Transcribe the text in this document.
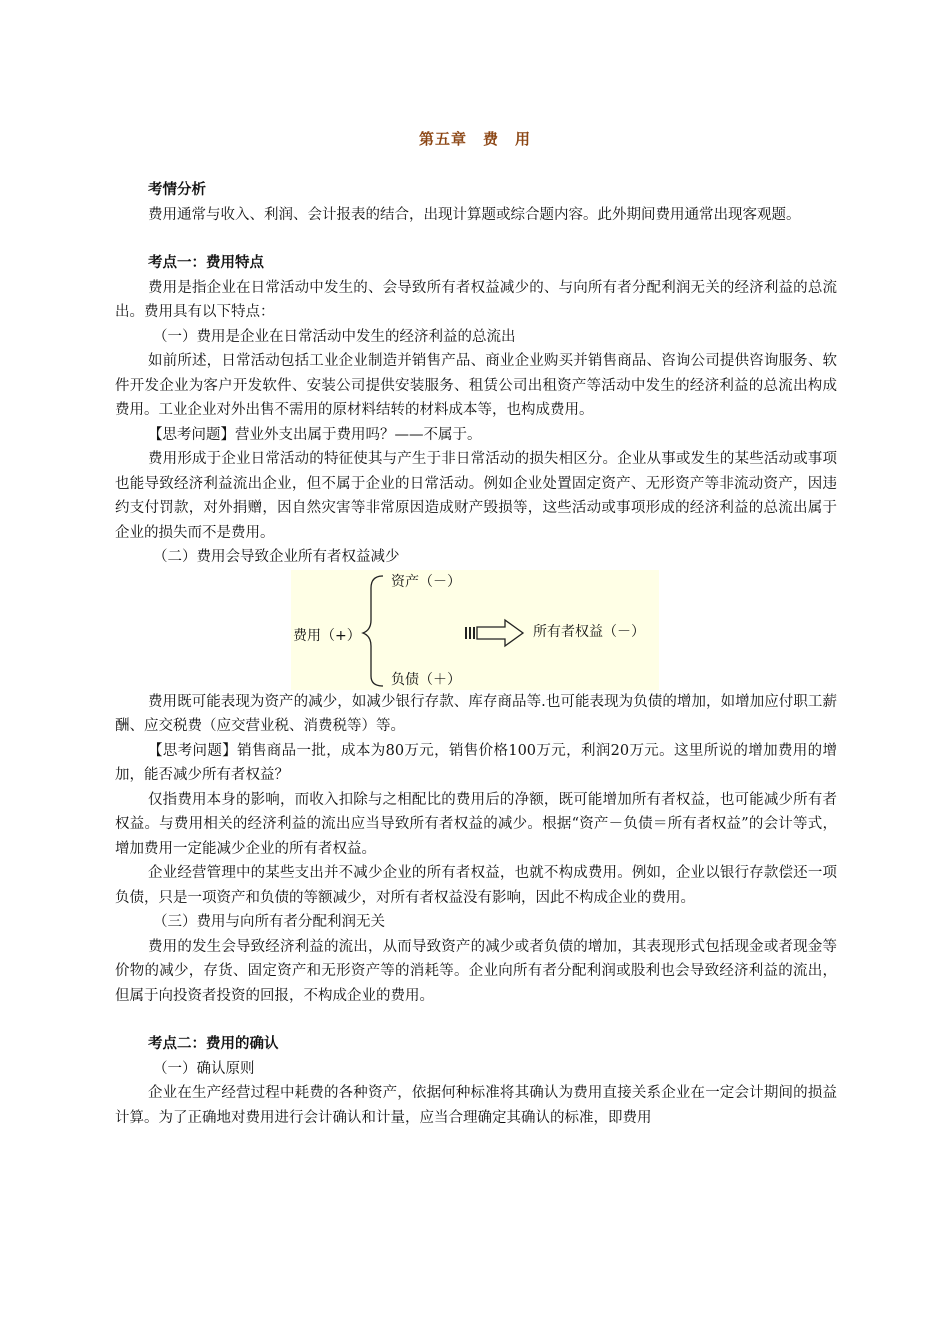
第五章　费　用
考情分析

费用通常与收入、利润、会计报表的结合，出现计算题或综合题内容。此外期间费用通常出现客观题。

考点一：费用特点

费用是指企业在日常活动中发生的、会导致所有者权益减少的、与向所有者分配利润无关的经济利益的总流出。费用具有以下特点：

（一）费用是企业在日常活动中发生的经济利益的总流出

如前所述，日常活动包括工业企业制造并销售产品、商业企业购买并销售商品、咨询公司提供咨询服务、软件开发企业为客户开发软件、安装公司提供安装服务、租赁公司出租资产等活动中发生的经济利益的总流出构成费用。工业企业对外出售不需用的原材料结转的材料成本等，也构成费用。

【思考问题】营业外支出属于费用吗？——不属于。

费用形成于企业日常活动的特征使其与产生于非日常活动的损失相区分。企业从事或发生的某些活动或事项也能导致经济利益流出企业，但不属于企业的日常活动。例如企业处置固定资产、无形资产等非流动资产，因违约支付罚款，对外捐赠，因自然灾害等非常原因造成财产毁损等，这些活动或事项形成的经济利益的总流出属于企业的损失而不是费用。

（二）费用会导致企业所有者权益减少
费用（+）
资产（－）
负债（＋）
所有者权益（－）

费用既可能表现为资产的减少，如减少银行存款、库存商品等.也可能表现为负债的增加，如增加应付职工薪酬、应交税费（应交营业税、消费税等）等。

【思考问题】销售商品一批，成本为80万元，销售价格100万元，利润20万元。这里所说的增加费用的增加，能否减少所有者权益？

仅指费用本身的影响，而收入扣除与之相配比的费用后的净额，既可能增加所有者权益，也可能减少所有者权益。与费用相关的经济利益的流出应当导致所有者权益的减少。根据“资产－负债＝所有者权益”的会计等式，增加费用一定能减少企业的所有者权益。

企业经营管理中的某些支出并不减少企业的所有者权益，也就不构成费用。例如，企业以银行存款偿还一项负债，只是一项资产和负债的等额减少，对所有者权益没有影响，因此不构成企业的费用。

（三）费用与向所有者分配利润无关

费用的发生会导致经济利益的流出，从而导致资产的减少或者负债的增加，其表现形式包括现金或者现金等价物的减少，存货、固定资产和无形资产等的消耗等。企业向所有者分配利润或股利也会导致经济利益的流出，但属于向投资者投资的回报，不构成企业的费用。

考点二：费用的确认
（一）确认原则

企业在生产经营过程中耗费的各种资产，依据何种标准将其确认为费用直接关系企业在一定会计期间的损益计算。为了正确地对费用进行会计确认和计量，应当合理确定其确认的标准，即费用
